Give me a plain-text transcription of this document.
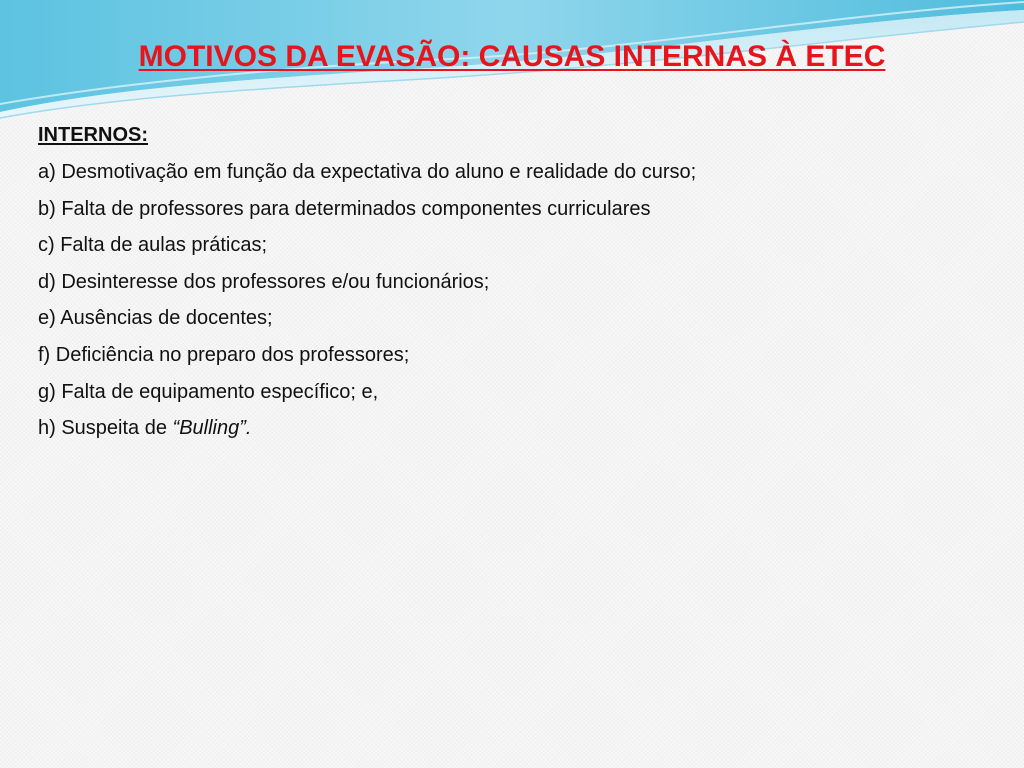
MOTIVOS DA EVASÃO: CAUSAS INTERNAS À ETEC
INTERNOS:
a) Desmotivação em função da expectativa do aluno e realidade do curso;
b) Falta de professores para determinados componentes curriculares
c) Falta de aulas práticas;
d) Desinteresse dos professores e/ou funcionários;
e) Ausências de docentes;
f) Deficiência no preparo dos professores;
g) Falta de equipamento específico; e,
h) Suspeita de “Bulling”.
